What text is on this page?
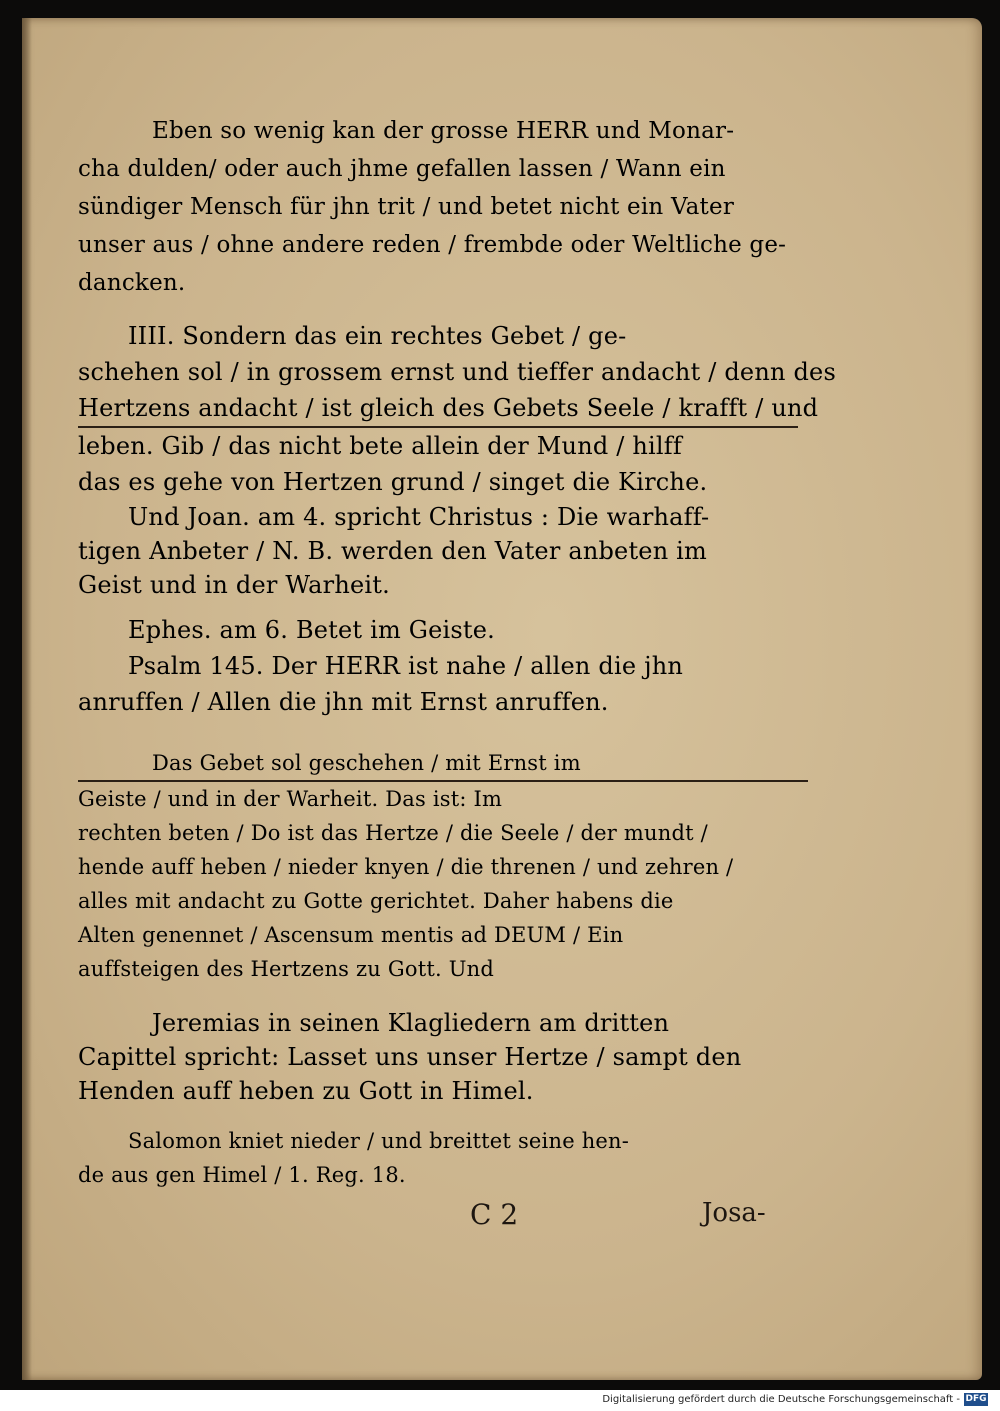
Eben so wenig kan der grosse HERR und Monar-
cha dulden/ oder auch jhme gefallen lassen / Wann ein
sündiger Mensch für jhn trit / und betet nicht ein Vater
unser aus / ohne andere reden / frembde oder Weltliche ge-
dancken.
IIII. Sondern das ein rechtes Gebet / ge-
schehen sol / in grossem ernst und tieffer andacht / denn des
Hertzens andacht / ist gleich des Gebets Seele / krafft / und
leben. Gib / das nicht bete allein der Mund / hilff
das es gehe von Hertzen grund / singet die Kirche.
Und Joan. am 4. spricht Christus : Die warhaff-
tigen Anbeter / N. B. werden den Vater anbeten im
Geist und in der Warheit.
Ephes. am 6. Betet im Geiste.
Psalm 145. Der HERR ist nahe / allen die jhn
anruffen / Allen die jhn mit Ernst anruffen.
Das Gebet sol geschehen / mit Ernst im
Geiste / und in der Warheit. Das ist: Im
rechten beten / Do ist das Hertze / die Seele / der mundt /
hende auff heben / nieder knyen / die threnen / und zehren /
alles mit andacht zu Gotte gerichtet. Daher habens die
Alten genennet / Ascensum mentis ad DEUM / Ein
auffsteigen des Hertzens zu Gott. Und
Jeremias in seinen Klagliedern am dritten
Capittel spricht: Lasset uns unser Hertze / sampt den
Henden auff heben zu Gott in Himel.
Salomon kniet nieder / und breittet seine hen-
de aus gen Himel / 1. Reg. 18.
C 2	Josa-
Digitalisierung gefördert durch die Deutsche Forschungsgemeinschaft - DFG
